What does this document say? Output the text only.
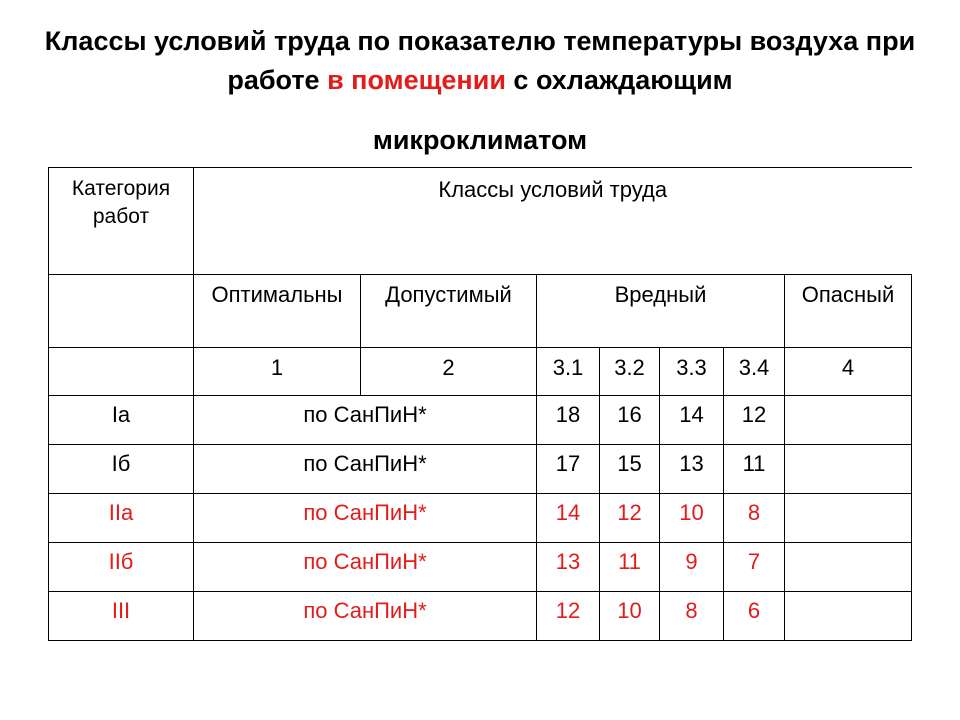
Классы условий труда по показателю температуры воздуха при работе в помещении с охлаждающим
микроклиматом
Категория работ	Классы условий труда						
	Оптимальны	Допустимый	Вредный				Опасный
	1	2	3.1	3.2	3.3	3.4	4
Iа	по СанПиН*		18	16	14	12	
Iб	по СанПиН*		17	15	13	11	
IIа	по СанПиН*		14	12	10	8	
IIб	по СанПиН*		13	11	9	7	
III	по СанПиН*		12	10	8	6	
